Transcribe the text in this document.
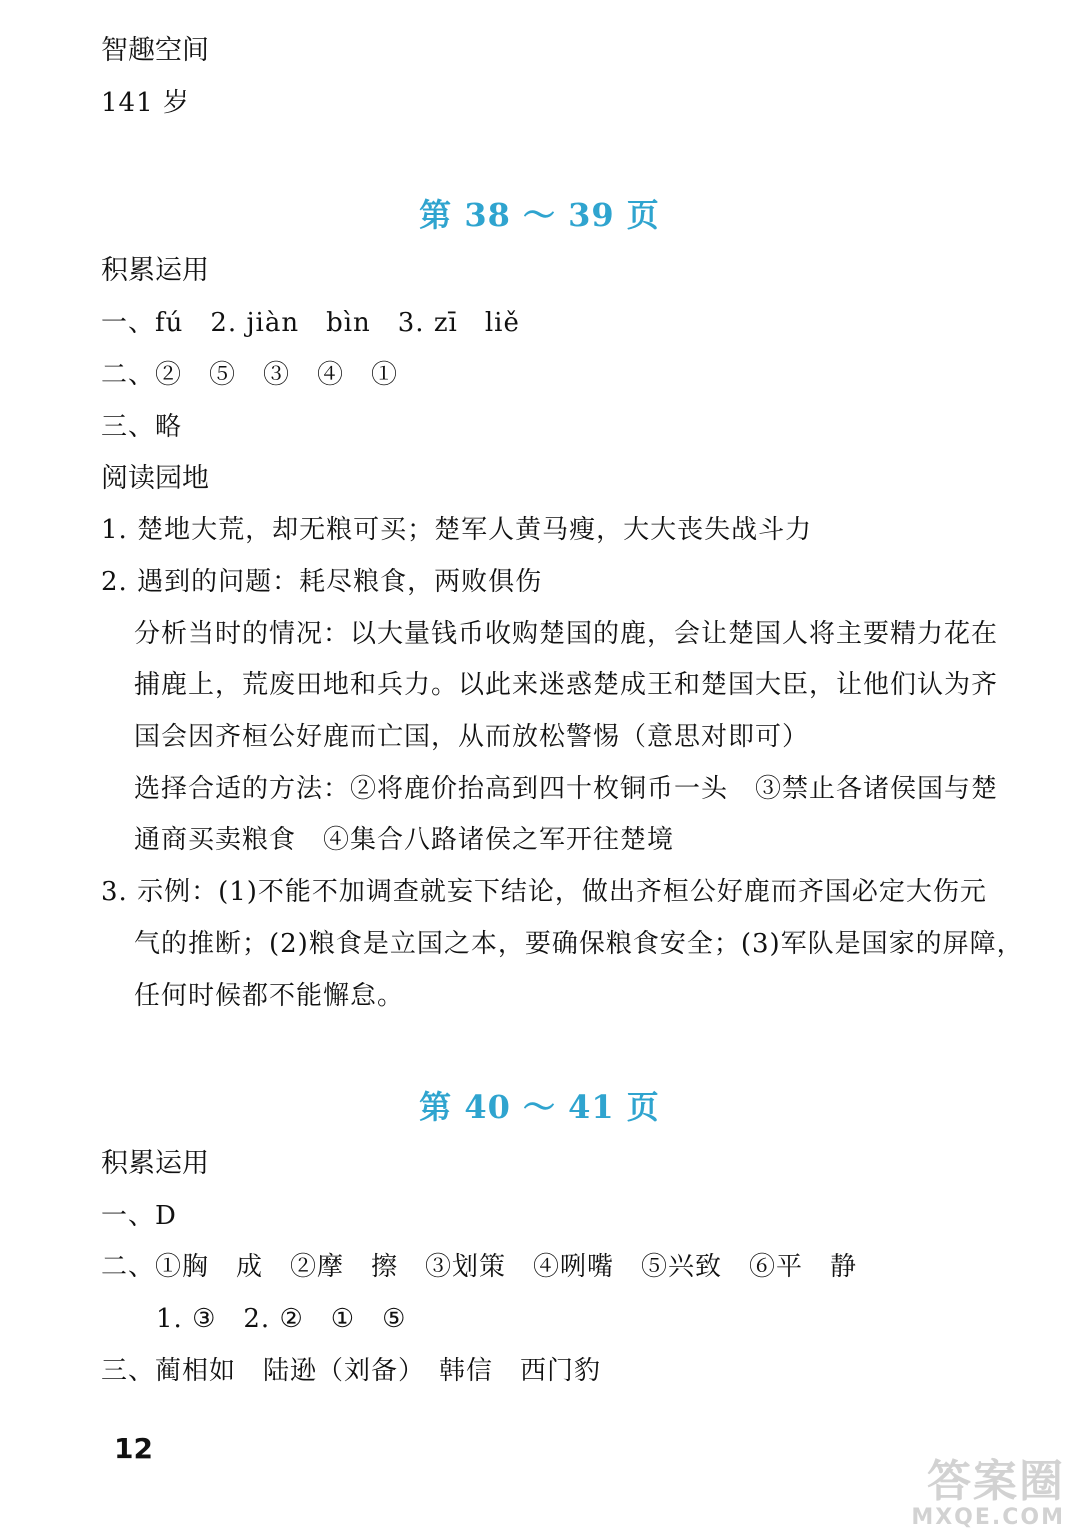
智趣空间
141 岁
第 38 ～ 39 页
积累运用
一、fú　2. jiàn　bìn　3. zī　liě
二、②　⑤　③　④　①
三、略
阅读园地
1. 楚地大荒，却无粮可买；楚军人黄马瘦，大大丧失战斗力
2. 遇到的问题：耗尽粮食，两败俱伤
分析当时的情况：以大量钱币收购楚国的鹿，会让楚国人将主要精力花在
捕鹿上，荒废田地和兵力。以此来迷惑楚成王和楚国大臣，让他们认为齐
国会因齐桓公好鹿而亡国，从而放松警惕（意思对即可）
选择合适的方法：②将鹿价抬高到四十枚铜币一头　③禁止各诸侯国与楚
通商买卖粮食　④集合八路诸侯之军开往楚境
3. 示例：(1)不能不加调查就妄下结论，做出齐桓公好鹿而齐国必定大伤元
气的推断；(2)粮食是立国之本，要确保粮食安全；(3)军队是国家的屏障，
任何时候都不能懈怠。
第 40 ～ 41 页
积累运用
一、D
二、①胸　成　②摩　擦　③划策　④咧嘴　⑤兴致　⑥平　静
1. ③　2. ②　①　⑤
三、蔺相如　陆逊（刘备）　韩信　西门豹
12
答案圈
MXQE.COM
